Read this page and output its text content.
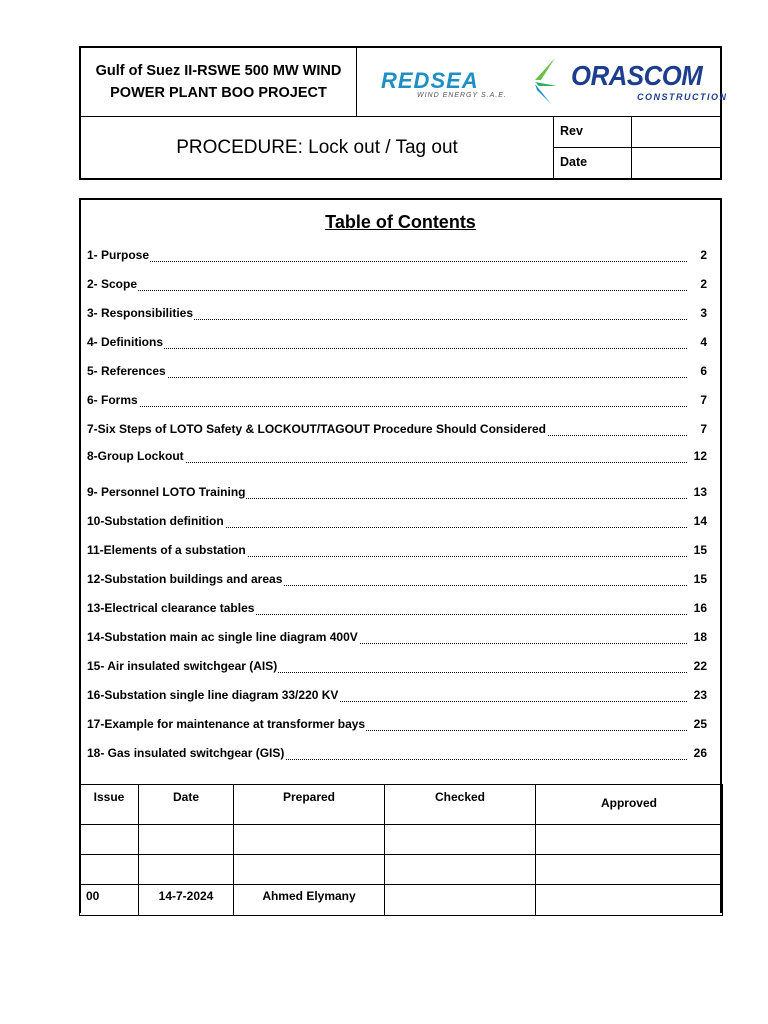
Gulf of Suez II-RSWE 500 MW WIND POWER PLANT BOO PROJECT	REDSEA
WIND ENERGY S.A.E.
ORASCOM
CONSTRUCTION
PROCEDURE: Lock out / Tag out
Rev
Date
Table of Contents
1- Purpose	2
2- Scope	2
3- Responsibilities	3
4- Definitions	4
5- References	6
6- Forms	7
7-Six Steps of LOTO Safety & LOCKOUT/TAGOUT Procedure Should Considered	7
8-Group Lockout	12
9- Personnel LOTO Training	13
10-Substation definition	14
11-Elements of a substation	15
12-Substation buildings and areas	15
13-Electrical clearance tables	16
14-Substation main ac single line diagram 400V	18
15- Air insulated switchgear (AIS)	22
16-Substation single line diagram 33/220 KV	23
17-Example for maintenance at transformer bays	25
18- Gas insulated switchgear (GIS)	26
Issue	Date	Prepared	Checked	Approved

00	14-7-2024	Ahmed Elymany		
